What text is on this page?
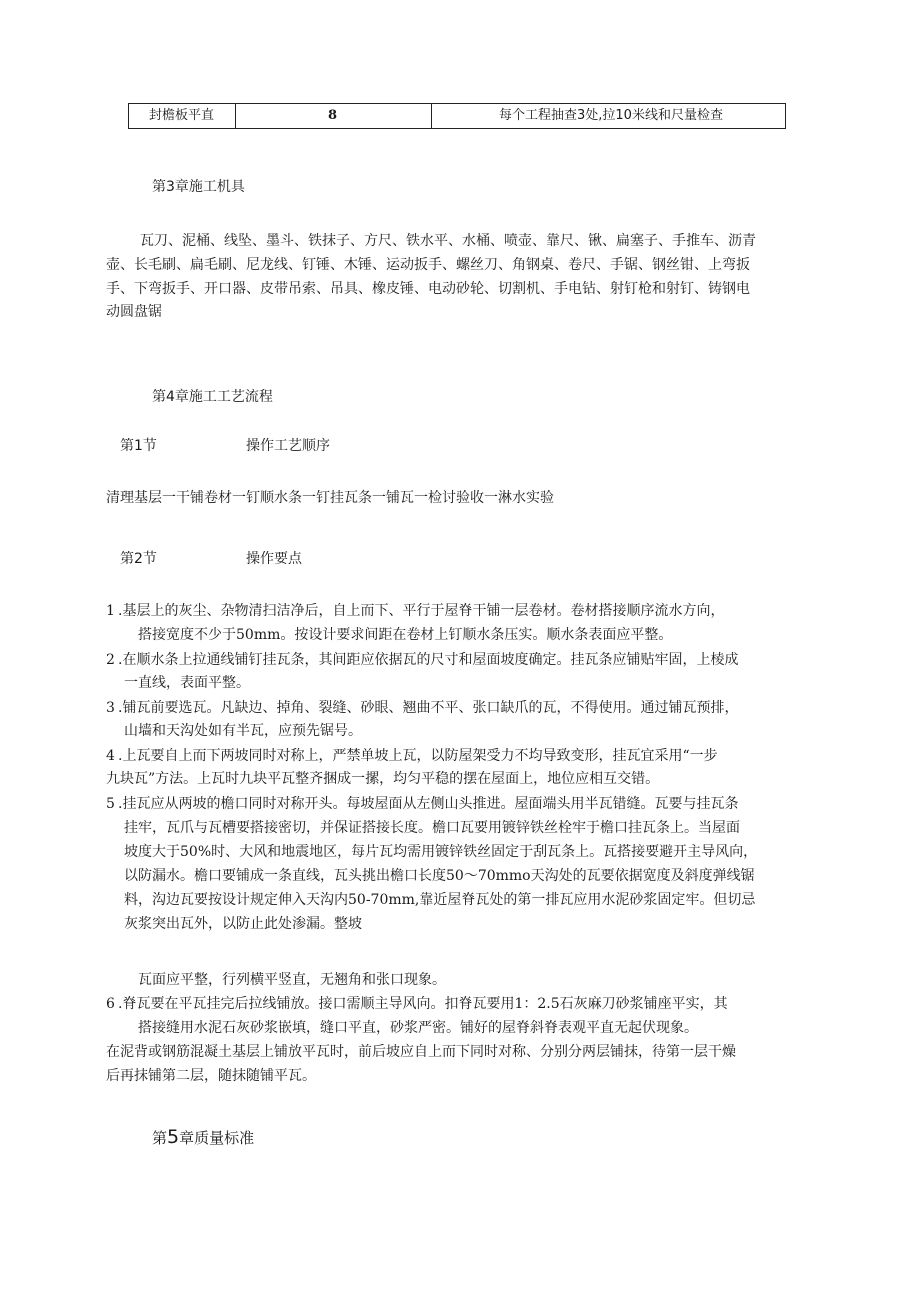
封檐板平直	8	每个工程抽查3处,拉10米线和尺量检查
第3章施工机具
瓦刀、泥桶、线坠、墨斗、铁抹子、方尺、铁水平、水桶、喷壶、靠尺、锹、扁塞子、手推车、沥青
壶、长毛刷、扁毛刷、尼龙线、钉锤、木锤、运动扳手、螺丝刀、角钢桌、卷尺、手锯、钢丝钳、上弯扳
手、下弯扳手、开口器、皮带吊索、吊具、橡皮锤、电动砂轮、切割机、手电钻、射钉枪和射钉、铸钢电
动圆盘锯
第4章施工工艺流程
第1节	操作工艺顺序
清理基层一干铺卷材一钉顺水条一钉挂瓦条一铺瓦一检讨验收一淋水实验
第2节	操作要点
1 .基层上的灰尘、杂物清扫洁净后，自上而下、平行于屋脊干铺一层卷材。卷材搭接顺序流水方向，
搭接宽度不少于50mm。按设计要求间距在卷材上钉顺水条压实。顺水条表面应平整。
2 .在顺水条上拉通线铺钉挂瓦条，其间距应依据瓦的尺寸和屋面坡度确定。挂瓦条应铺贴牢固，上棱成
一直线，表面平整。
3 .铺瓦前要选瓦。凡缺边、掉角、裂缝、砂眼、翘曲不平、张口缺爪的瓦，不得使用。通过铺瓦预排，
山墙和天沟处如有半瓦，应预先锯号。
4 .上瓦要自上而下两坡同时对称上，严禁单坡上瓦，以防屋架受力不均导致变形，挂瓦宜采用“一步
九块瓦”方法。上瓦时九块平瓦整齐捆成一摞，均匀平稳的摆在屋面上，地位应相互交错。
5 .挂瓦应从两坡的檐口同时对称开头。每坡屋面从左侧山头推进。屋面端头用半瓦错缝。瓦要与挂瓦条
挂牢，瓦爪与瓦槽要搭接密切，并保证搭接长度。檐口瓦要用镀锌铁丝栓牢于檐口挂瓦条上。当屋面
坡度大于50%时、大风和地震地区，每片瓦均需用镀锌铁丝固定于刮瓦条上。瓦搭接要避开主导风向，
以防漏水。檐口要铺成一条直线，瓦头挑出檐口长度50～70mmo天沟处的瓦要依据宽度及斜度弹线锯
料，沟边瓦要按设计规定伸入天沟内50-70mm,靠近屋脊瓦处的第一排瓦应用水泥砂浆固定牢。但切忌
灰浆突出瓦外，以防止此处渗漏。整坡
瓦面应平整，行列横平竖直，无翘角和张口现象。
6 .脊瓦要在平瓦挂完后拉线铺放。接口需顺主导风向。扣脊瓦要用1：2.5石灰麻刀砂浆铺座平实，其
搭接缝用水泥石灰砂浆嵌填，缝口平直，砂浆严密。铺好的屋脊斜脊表观平直无起伏现象。
在泥背或钢筋混凝土基层上铺放平瓦时，前后坡应自上而下同时对称、分别分两层铺抹，待第一层干燥
后再抹铺第二层，随抹随铺平瓦。
第5章质量标准
